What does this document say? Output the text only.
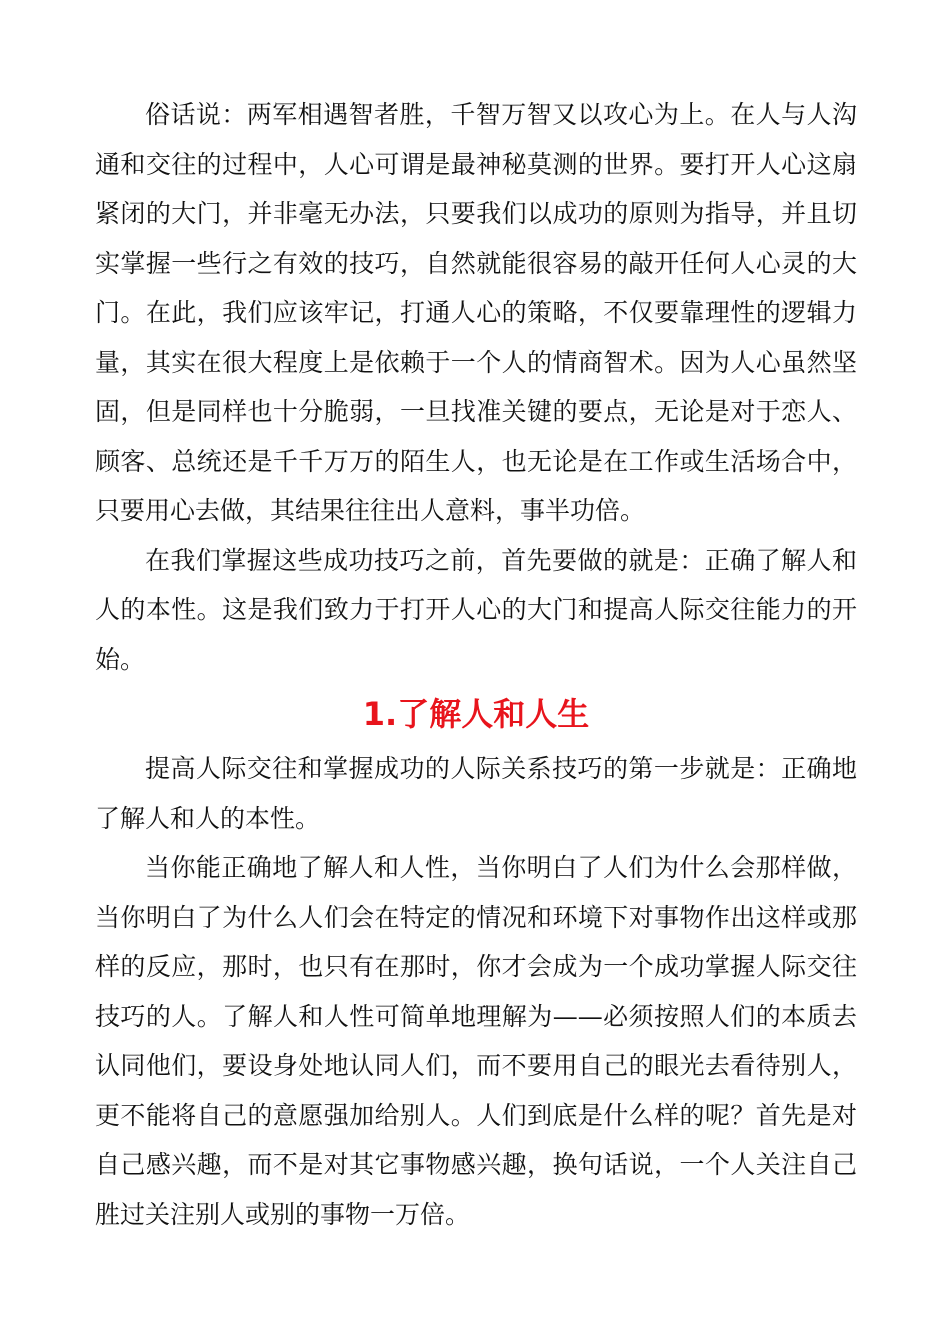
俗话说：两军相遇智者胜，千智万智又以攻心为上。在人与人沟通和交往的过程中，人心可谓是最神秘莫测的世界。要打开人心这扇紧闭的大门，并非毫无办法，只要我们以成功的原则为指导，并且切实掌握一些行之有效的技巧，自然就能很容易的敲开任何人心灵的大门。在此，我们应该牢记，打通人心的策略，不仅要靠理性的逻辑力量，其实在很大程度上是依赖于一个人的情商智术。因为人心虽然坚固，但是同样也十分脆弱，一旦找准关键的要点，无论是对于恋人、顾客、总统还是千千万万的陌生人，也无论是在工作或生活场合中，只要用心去做，其结果往往出人意料，事半功倍。

在我们掌握这些成功技巧之前，首先要做的就是：正确了解人和人的本性。这是我们致力于打开人心的大门和提高人际交往能力的开始。

1.了解人和人生

提高人际交往和掌握成功的人际关系技巧的第一步就是：正确地了解人和人的本性。

当你能正确地了解人和人性，当你明白了人们为什么会那样做，当你明白了为什么人们会在特定的情况和环境下对事物作出这样或那样的反应，那时，也只有在那时，你才会成为一个成功掌握人际交往技巧的人。了解人和人性可简单地理解为——必须按照人们的本质去认同他们，要设身处地认同人们，而不要用自己的眼光去看待别人，更不能将自己的意愿强加给别人。人们到底是什么样的呢？首先是对自己感兴趣，而不是对其它事物感兴趣，换句话说，一个人关注自己胜过关注别人或别的事物一万倍。
